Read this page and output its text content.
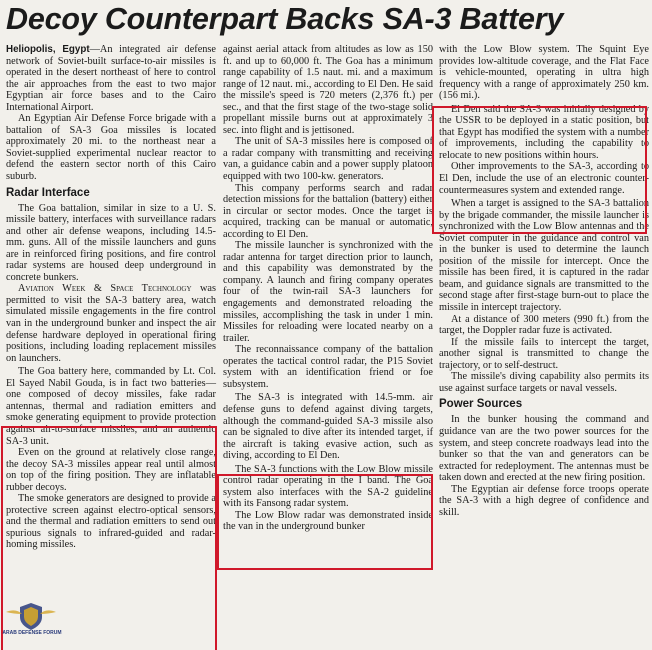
Decoy Counterpart Backs SA-3 Battery

Heliopolis, Egypt—An integrated air defense network of Soviet-built surface-to-air missiles is operated in the desert northeast of here to control the air approaches from the east to two major Egyptian air force bases and to the Cairo International Airport.

An Egyptian Air Defense Force brigade with a battalion of SA-3 Goa missiles is located approximately 20 mi. to the northeast near a Soviet-supplied experimental nuclear reactor to defend the eastern sector north of this Cairo suburb.

Radar Interface

The Goa battalion, similar in size to a U. S. missile battery, interfaces with surveillance radars and other air defense weapons, including 14.5-mm. guns. All of the missile launchers and guns are in reinforced firing positions, and fire control radar systems are housed deep underground in concrete bunkers.

Aviation Week & Space Technology was permitted to visit the SA-3 battery area, watch simulated missile engagements in the fire control van in the underground bunker and inspect the air defense hardware deployed in operational firing positions, including loading replacement missiles on launchers.

The Goa battery here, commanded by Lt. Col. El Sayed Nabil Gouda, is in fact two batteries—one composed of decoy missiles, fake radar antennas, thermal and radiation emitters and smoke generating equipment to provide protection against air-to-surface missiles, and an authentic SA-3 unit.

Even on the ground at relatively close range, the decoy SA-3 missiles appear real until almost on top of the firing position. They are inflatable rubber decoys.

The smoke generators are designed to provide a protective screen against electro-optical sensors, and the thermal and radiation emitters to send out spurious signals to infrared-guided and radar-homing missiles.

against aerial attack from altitudes as low as 150 ft. and up to 60,000 ft. The Goa has a minimum range capability of 1.5 naut. mi. and a maximum range of 12 naut. mi., according to El Den. He said the missile's speed is 720 meters (2,376 ft.) per sec., and that the first stage of the two-stage solid propellant missile burns out at approximately 3 sec. into flight and is jettisoned.

The unit of SA-3 missiles here is composed of a radar company with transmitting and receiving van, a guidance cabin and a power supply platoon equipped with two 100-kw. generators.

This company performs search and radar detection missions for the battalion (battery) either in circular or sector modes. Once the target is acquired, tracking can be manual or automatic, according to El Den.

The missile launcher is synchronized with the radar antenna for target direction prior to launch, and this capability was demonstrated by the company. A launch and firing company operates four of the twin-rail SA-3 launchers for engagements and demonstrated reloading the missiles, accomplishing the task in under 1 min. Missiles for reloading were located nearby on a trailer.

The reconnaissance company of the battalion operates the tactical control radar, the P15 Soviet system with an identification friend or foe subsystem.

The SA-3 is integrated with 14.5-mm. air defense guns to defend against diving targets, although the command-guided SA-3 missile also can be signaled to dive after its intended target, if the aircraft is taking evasive action, such as diving, according to El Den.

The SA-3 functions with the Low Blow missile control radar operating in the I band. The Goa system also interfaces with the SA-2 guideline with its Fansong radar system.

The Low Blow radar was demonstrated inside the van in the underground bunker

with the Low Blow system. The Squint Eye provides low-altitude coverage, and the Flat Face is vehicle-mounted, operating in ultra high frequency with a range of approximately 250 km. (156 mi.).

El Den said the SA-3 was initially designed by the USSR to be deployed in a static position, but that Egypt has modified the system with a number of improvements, including the capability to relocate to new positions within hours.

Other improvements to the SA-3, according to El Den, include the use of an electronic counter-countermeasures system and extended range.

When a target is assigned to the SA-3 battalion by the brigade commander, the missile launcher is synchronized with the Low Blow antennas and the Soviet computer in the guidance and control van in the bunker is used to determine the launch position of the missile for intercept. Once the missile has been fired, it is captured in the radar beam, and guidance signals are transmitted to the second stage after first-stage burn-out to place the missile in intercept trajectory.

At a distance of 300 meters (990 ft.) from the target, the Doppler radar fuze is activated.

If the missile fails to intercept the target, another signal is transmitted to change the trajectory, or to self-destruct.

The missile's diving capability also permits its use against surface targets or naval vessels.

Power Sources

In the bunker housing the command and guidance van are the two power sources for the system, and steep concrete roadways lead into the bunker so that the van and generators can be extracted for redeployment. The antennas must be taken down and erected at the new firing position.

The Egyptian air defense force troops operate the SA-3 with a high degree of confidence and skill.

ARAB DEFENSE FORUM
